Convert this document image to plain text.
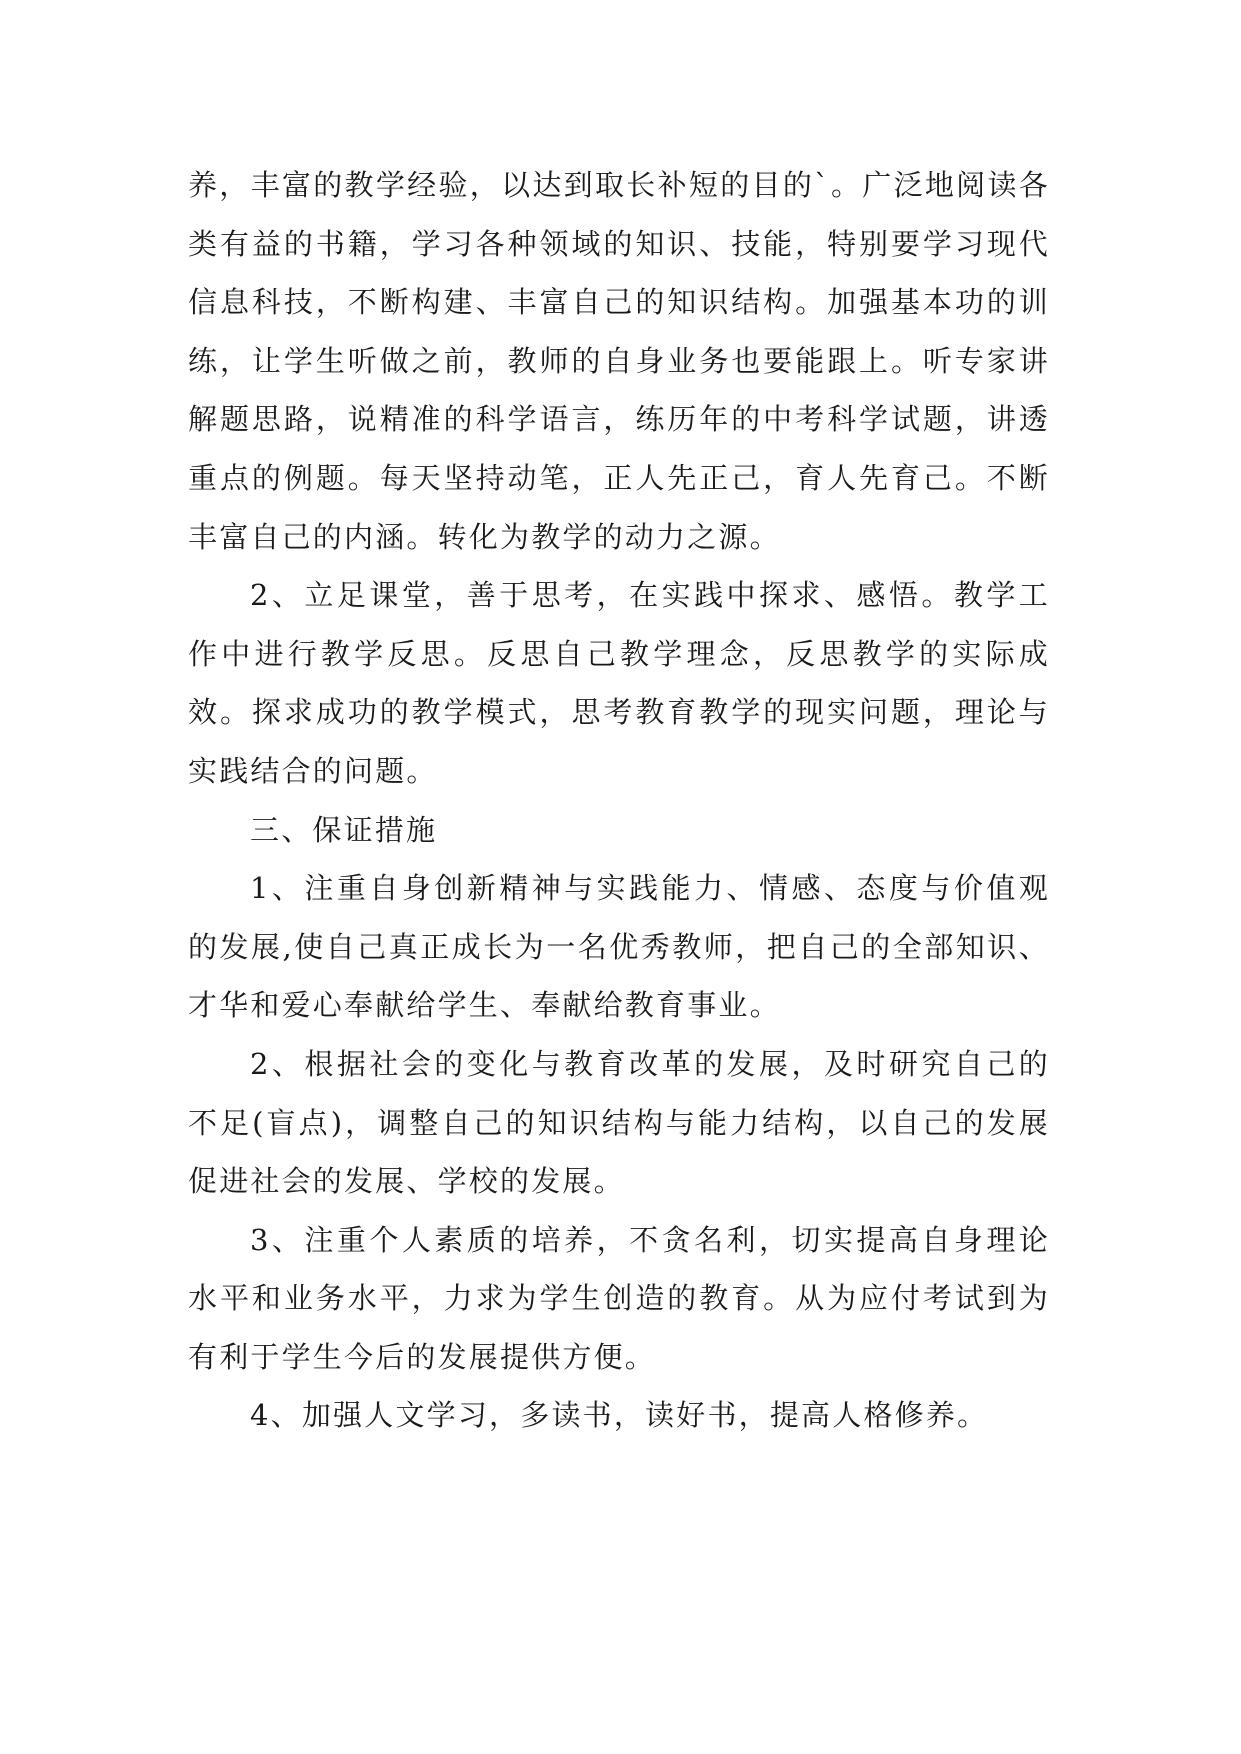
养，丰富的教学经验，以达到取长补短的目的`。广泛地阅读各类有益的书籍，学习各种领域的知识、技能，特别要学习现代信息科技，不断构建、丰富自己的知识结构。加强基本功的训练，让学生听做之前，教师的自身业务也要能跟上。听专家讲解题思路，说精准的科学语言，练历年的中考科学试题，讲透重点的例题。每天坚持动笔，正人先正己，育人先育己。不断丰富自己的内涵。转化为教学的动力之源。

2、立足课堂，善于思考，在实践中探求、感悟。教学工作中进行教学反思。反思自己教学理念，反思教学的实际成效。探求成功的教学模式，思考教育教学的现实问题，理论与实践结合的问题。

三、保证措施

1、注重自身创新精神与实践能力、情感、态度与价值观的发展,使自己真正成长为一名优秀教师，把自己的全部知识、才华和爱心奉献给学生、奉献给教育事业。

2、根据社会的变化与教育改革的发展，及时研究自己的不足(盲点)，调整自己的知识结构与能力结构，以自己的发展促进社会的发展、学校的发展。

3、注重个人素质的培养，不贪名利，切实提高自身理论水平和业务水平，力求为学生创造的教育。从为应付考试到为有利于学生今后的发展提供方便。

4、加强人文学习，多读书，读好书，提高人格修养。
